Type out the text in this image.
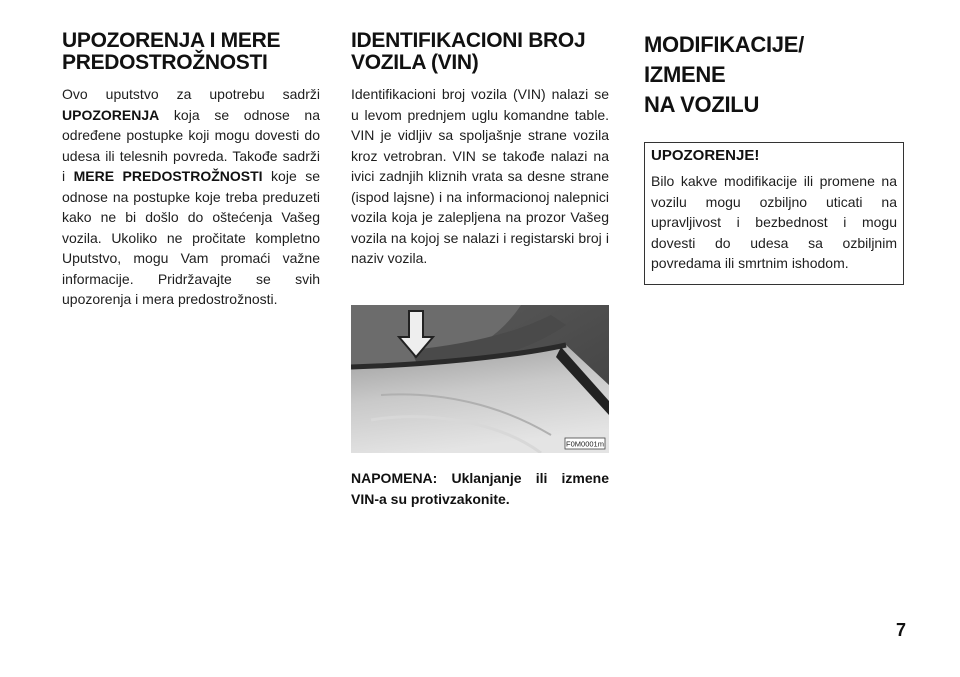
UPOZORENJA I MERE
PREDOSTROŽNOSTI

Ovo uputstvo za upotrebu sadrži UPOZORENJA koja se odnose na određene postupke koji mogu dovesti do udesa ili telesnih povreda. Takođe sadrži i MERE PREDOSTROŽNOSTI koje se odnose na postupke koje treba preduzeti kako ne bi došlo do oštećenja Vašeg vozila. Ukoliko ne pročitate kompletno Uputstvo, mogu Vam promaći važne informacije. Pridržavajte se svih upozorenja i mera predostrožnosti.

IDENTIFIKACIONI BROJ
VOZILA (VIN)

Identifikacioni broj vozila (VIN) nalazi se u levom prednjem uglu komandne table. VIN je vidljiv sa spoljašnje strane vozila kroz vetrobran. VIN se takođe nalazi na ivici zadnjih kliznih vrata sa desne strane (ispod lajsne) i na informacionoj nalepnici vozila koja je zalepljena na prozor Vašeg vozila na kojoj se nalazi i registarski broj i naziv vozila.

F0M0001m

NAPOMENA: Uklanjanje ili izmene VIN-a su protivzakonite.

MODIFIKACIJE/
IZMENE
NA VOZILU

UPOZORENJE!

Bilo kakve modifikacije ili promene na vozilu mogu ozbiljno uticati na upravljivost i bezbednost i mogu dovesti do udesa sa ozbiljnim povredama ili smrtnim ishodom.

7
